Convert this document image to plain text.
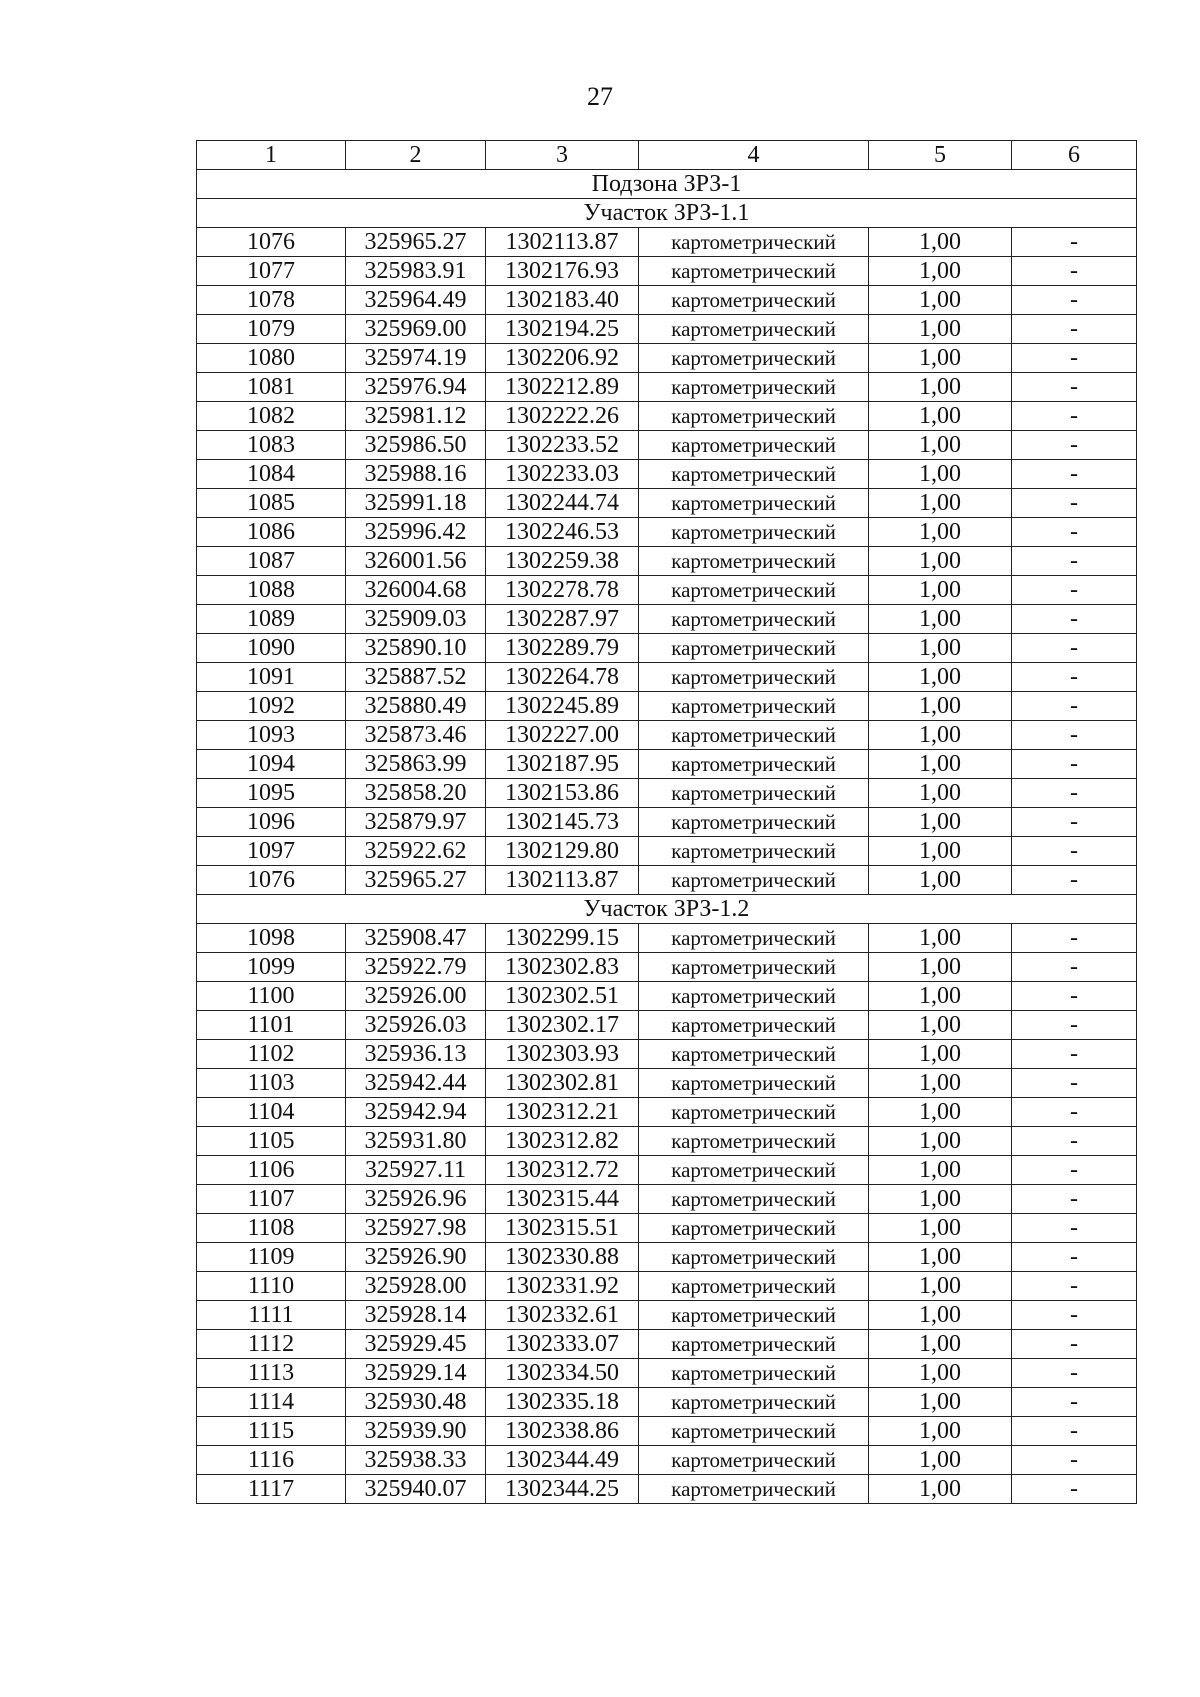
27
1	2	3	4	5	6
Подзона ЗРЗ-1					
Участок ЗРЗ-1.1					
1076	325965.27	1302113.87	картометрический	1,00	-
1077	325983.91	1302176.93	картометрический	1,00	-
1078	325964.49	1302183.40	картометрический	1,00	-
1079	325969.00	1302194.25	картометрический	1,00	-
1080	325974.19	1302206.92	картометрический	1,00	-
1081	325976.94	1302212.89	картометрический	1,00	-
1082	325981.12	1302222.26	картометрический	1,00	-
1083	325986.50	1302233.52	картометрический	1,00	-
1084	325988.16	1302233.03	картометрический	1,00	-
1085	325991.18	1302244.74	картометрический	1,00	-
1086	325996.42	1302246.53	картометрический	1,00	-
1087	326001.56	1302259.38	картометрический	1,00	-
1088	326004.68	1302278.78	картометрический	1,00	-
1089	325909.03	1302287.97	картометрический	1,00	-
1090	325890.10	1302289.79	картометрический	1,00	-
1091	325887.52	1302264.78	картометрический	1,00	-
1092	325880.49	1302245.89	картометрический	1,00	-
1093	325873.46	1302227.00	картометрический	1,00	-
1094	325863.99	1302187.95	картометрический	1,00	-
1095	325858.20	1302153.86	картометрический	1,00	-
1096	325879.97	1302145.73	картометрический	1,00	-
1097	325922.62	1302129.80	картометрический	1,00	-
1076	325965.27	1302113.87	картометрический	1,00	-
Участок ЗРЗ-1.2					
1098	325908.47	1302299.15	картометрический	1,00	-
1099	325922.79	1302302.83	картометрический	1,00	-
1100	325926.00	1302302.51	картометрический	1,00	-
1101	325926.03	1302302.17	картометрический	1,00	-
1102	325936.13	1302303.93	картометрический	1,00	-
1103	325942.44	1302302.81	картометрический	1,00	-
1104	325942.94	1302312.21	картометрический	1,00	-
1105	325931.80	1302312.82	картометрический	1,00	-
1106	325927.11	1302312.72	картометрический	1,00	-
1107	325926.96	1302315.44	картометрический	1,00	-
1108	325927.98	1302315.51	картометрический	1,00	-
1109	325926.90	1302330.88	картометрический	1,00	-
1110	325928.00	1302331.92	картометрический	1,00	-
1111	325928.14	1302332.61	картометрический	1,00	-
1112	325929.45	1302333.07	картометрический	1,00	-
1113	325929.14	1302334.50	картометрический	1,00	-
1114	325930.48	1302335.18	картометрический	1,00	-
1115	325939.90	1302338.86	картометрический	1,00	-
1116	325938.33	1302344.49	картометрический	1,00	-
1117	325940.07	1302344.25	картометрический	1,00	-
